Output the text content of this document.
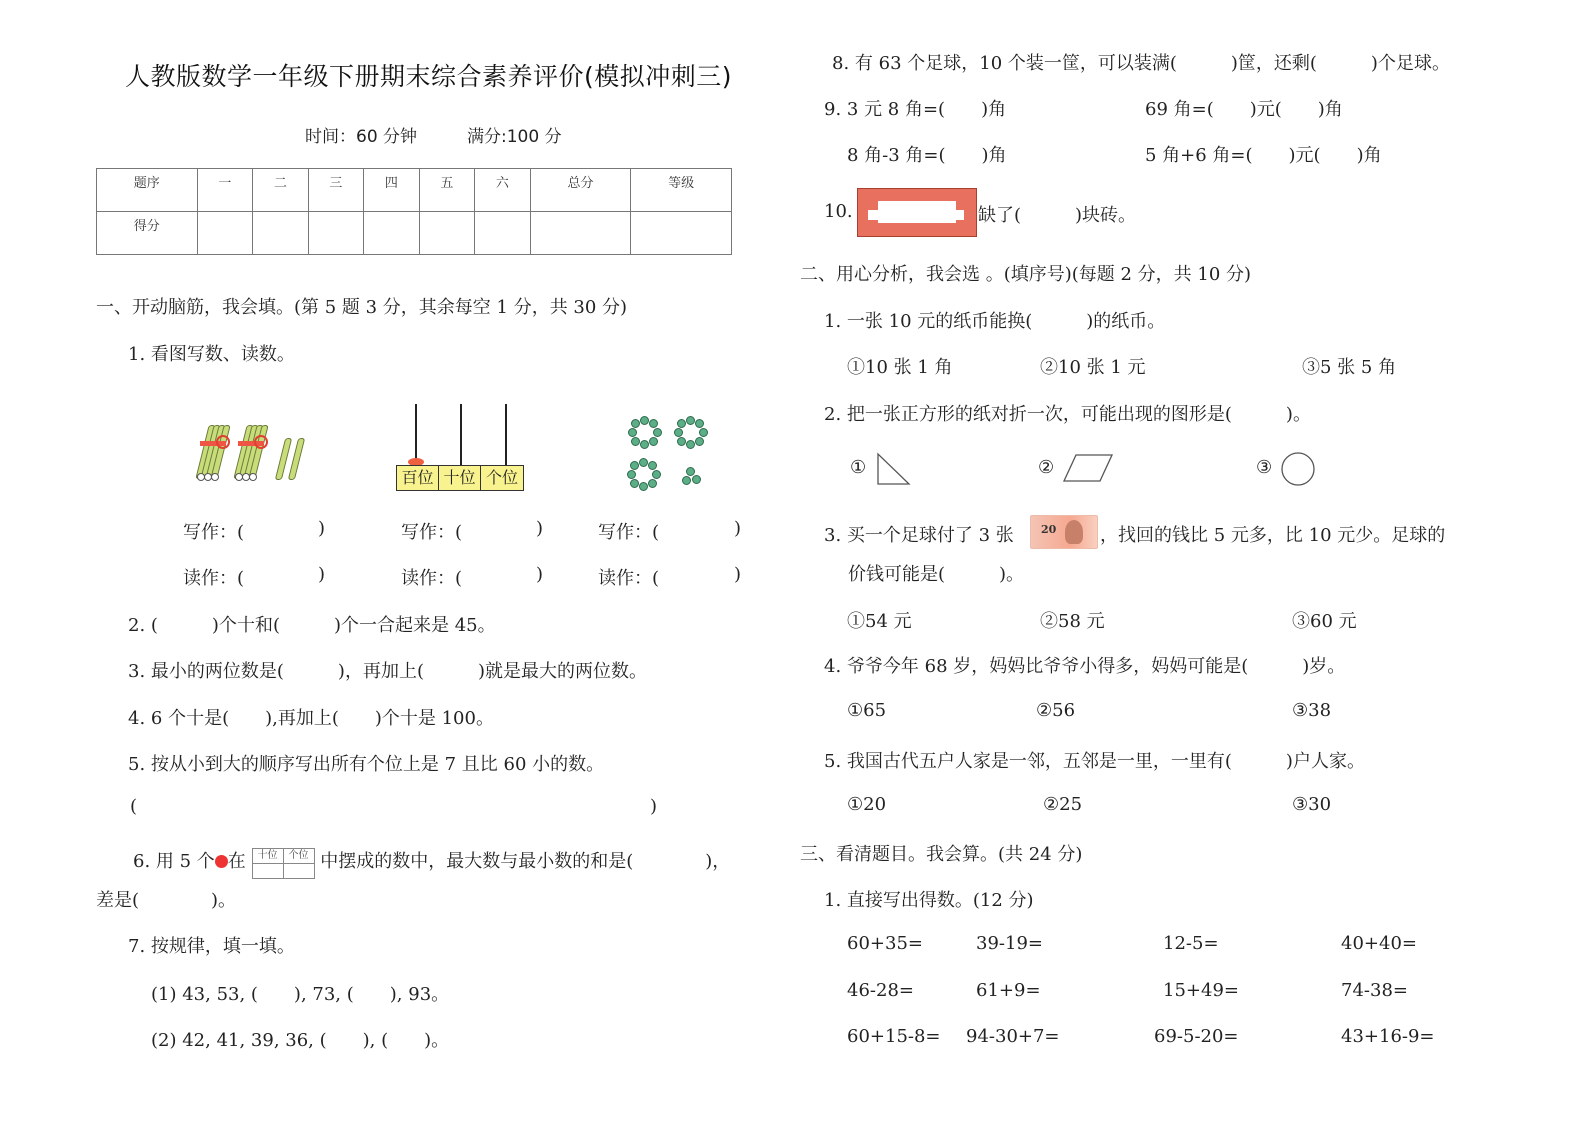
人教版数学一年级下册期末综合素养评价(模拟冲刺三)
时间：60 分钟	满分:100 分
题序	一	二	三	四	五	六	总分	等级
得分								
一、开动脑筋，我会填。(第 5 题 3 分，其余每空 1 分，共 30 分)
1. 看图写数、读数。
百位 十位 个位
写作：(	)	写作：(	)	写作：(	)
读作：(	)	读作：(	)	读作：(	)
2. (　　　)个十和(　　　)个一合起来是 45。
3. 最小的两位数是(　　　)，再加上(　　　)就是最大的两位数。
4. 6 个十是(　　),再加上(　　)个十是 100。
5. 按从小到大的顺序写出所有个位上是 7 且比 60 小的数。
(	)
6. 用 5 个 在 十位	个位
	中摆成的数中，最大数与最小数的和是(　　　　)，
差是(　　　　)。
7. 按规律，填一填。
(1) 43, 53, (　　), 73, (　　), 93。
(2) 42, 41, 39, 36, (　　), (　　)。
8. 有 63 个足球，10 个装一筐，可以装满(　　　)筐，还剩(　　　)个足球。
9. 3 元 8 角=(　　)角	69 角=(　　)元(　　)角
8 角-3 角=(　　)角	5 角+6 角=(　　)元(　　)角
10.	缺了(　　　)块砖。
二、用心分析，我会选 。(填序号)(每题 2 分，共 10 分)
1. 一张 10 元的纸币能换(　　　)的纸币。
①10 张 1 角	②10 张 1 元	③5 张 5 角
2. 把一张正方形的纸对折一次，可能出现的图形是(　　　)。
①	②	③
3. 买一个足球付了 3 张 20 ，找回的钱比 5 元多，比 10 元少。足球的
价钱可能是(　　　)。
①54 元	②58 元	③60 元
4. 爷爷今年 68 岁，妈妈比爷爷小得多，妈妈可能是(　　　)岁。
①65	②56	③38
5. 我国古代五户人家是一邻，五邻是一里，一里有(　　　)户人家。
①20	②25	③30
三、看清题目。我会算。(共 24 分)
1. 直接写出得数。(12 分)
60+35=	39-19=	12-5=	40+40=
46-28=	61+9=	15+49=	74-38=
60+15-8= 94-30+7=	69-5-20=	43+16-9=
